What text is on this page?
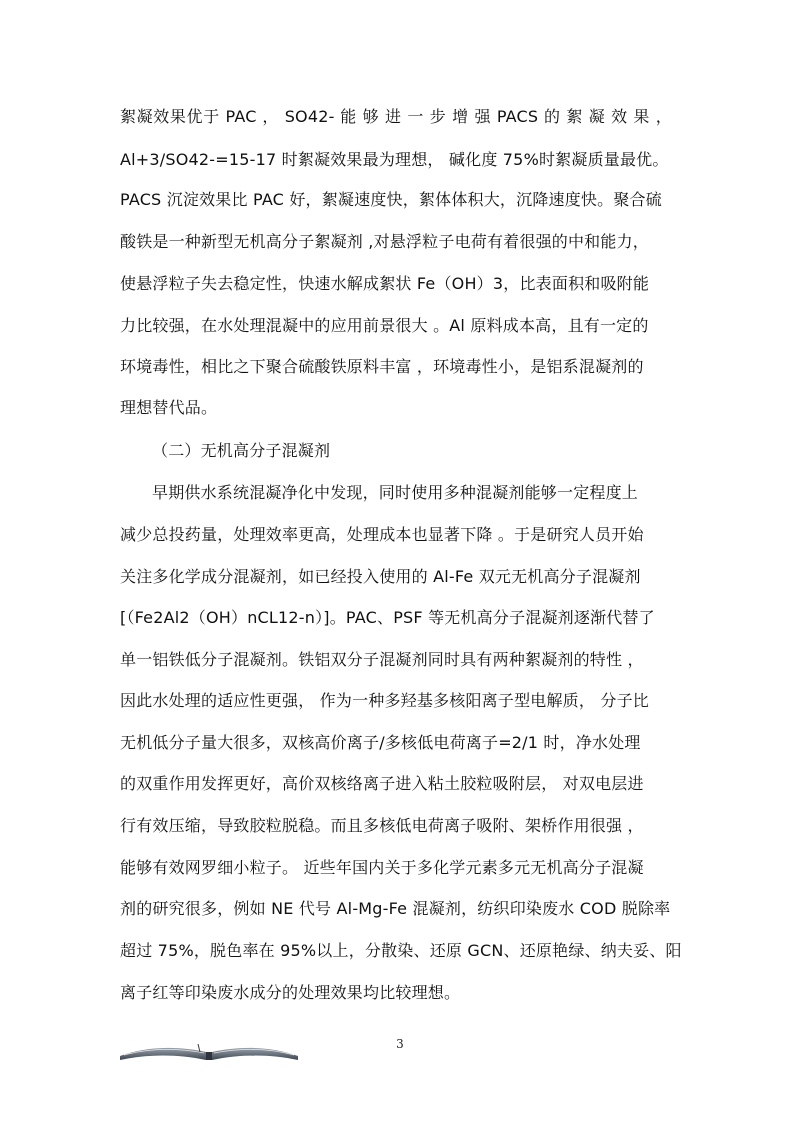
絮凝效果优于 PAC ， SO42- 能 够 进 一 步 增 强 PACS 的 絮 凝 效 果 ，
Al+3/SO42-=15-17 时絮凝效果最为理想， 碱化度 75%时絮凝质量最优。
PACS 沉淀效果比 PAC 好，絮凝速度快，絮体体积大，沉降速度快。聚合硫
酸铁是一种新型无机高分子絮凝剂 ,对悬浮粒子电荷有着很强的中和能力，
使悬浮粒子失去稳定性，快速水解成絮状 Fe（OH）3，比表面积和吸附能
力比较强，在水处理混凝中的应用前景很大 。Al 原料成本高，且有一定的
环境毒性，相比之下聚合硫酸铁原料丰富 ，环境毒性小，是铝系混凝剂的
理想替代品。
（二）无机高分子混凝剂
早期供水系统混凝净化中发现，同时使用多种混凝剂能够一定程度上
减少总投药量，处理效率更高，处理成本也显著下降 。于是研究人员开始
关注多化学成分混凝剂，如已经投入使用的 Al-Fe 双元无机高分子混凝剂
[（Fe2Al2（OH）nCL12-n）]。PAC、PSF 等无机高分子混凝剂逐渐代替了
单一铝铁低分子混凝剂。铁铝双分子混凝剂同时具有两种絮凝剂的特性 ，
因此水处理的适应性更强， 作为一种多羟基多核阳离子型电解质， 分子比
无机低分子量大很多，双核高价离子/多核低电荷离子=2/1 时，净水处理
的双重作用发挥更好，高价双核络离子进入粘土胶粒吸附层， 对双电层进
行有效压缩，导致胶粒脱稳。而且多核低电荷离子吸附、架桥作用很强 ，
能够有效网罗细小粒子。 近些年国内关于多化学元素多元无机高分子混凝
剂的研究很多，例如 NE 代号 Al-Mg-Fe 混凝剂，纺织印染废水 COD 脱除率
超过 75%，脱色率在 95%以上，分散染、还原 GCN、还原艳绿、纳夫妥、阳
离子红等印染废水成分的处理效果均比较理想。
3
